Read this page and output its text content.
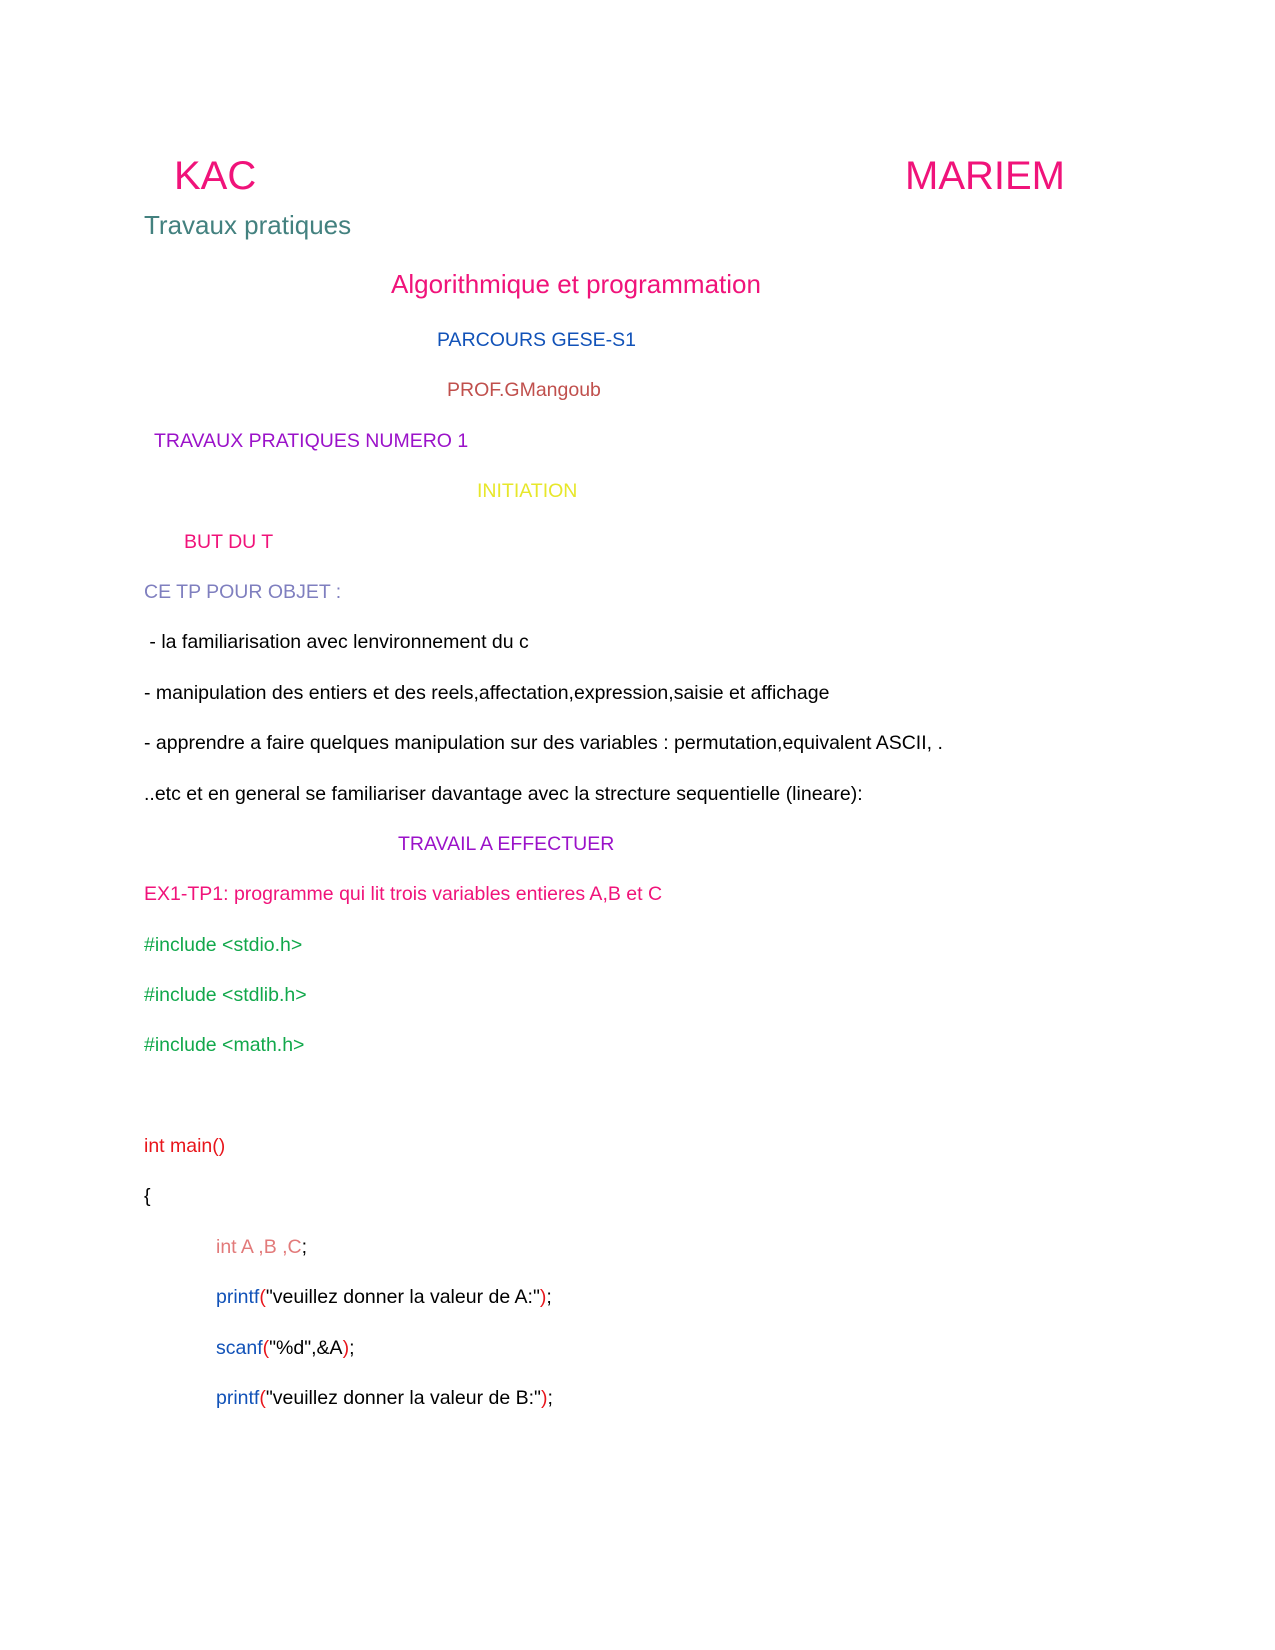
KAC	MARIEM
Travaux pratiques
Algorithmique et programmation
PARCOURS GESE-S1
PROF.GMangoub
TRAVAUX PRATIQUES NUMERO 1
INITIATION
BUT DU T
CE TP POUR OBJET :
- la familiarisation avec lenvironnement du c
- manipulation des entiers et des reels,affectation,expression,saisie et affichage
- apprendre a faire quelques manipulation sur des variables : permutation,equivalent ASCII, .
..etc et en general se familiariser davantage avec la strecture sequentielle (lineare):
TRAVAIL A EFFECTUER
EX1-TP1: programme qui lit trois variables entieres A,B et C
#include <stdio.h>
#include <stdlib.h>
#include <math.h>
int main()
{
int A ,B ,C;
printf("veuillez donner la valeur de A:");
scanf("%d",&A);
printf("veuillez donner la valeur de B:");
